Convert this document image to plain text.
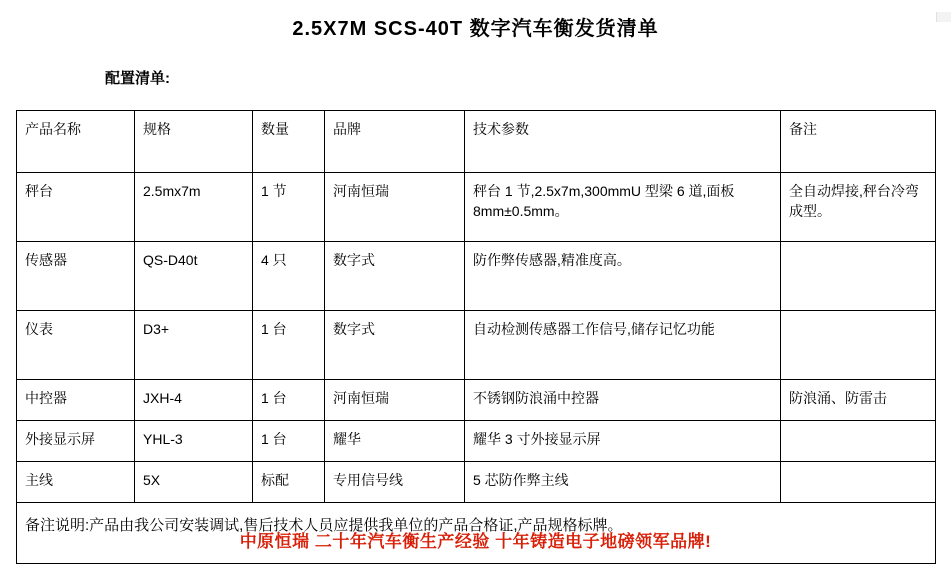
2.5X7M SCS-40T 数字汽车衡发货清单
配置清单:
产品名称	规格	数量	品牌	技术参数	备注
秤台	2.5mx7m	1 节	河南恒瑞	秤台 1 节,2.5x7m,300mmU 型梁 6 道,面板 8mm±0.5mm。	全自动焊接,秤台冷弯成型。
传感器	QS-D40t	4 只	数字式	防作弊传感器,精准度高。	
仪表	D3+	1 台	数字式	自动检测传感器工作信号,储存记忆功能	
中控器	JXH-4	1 台	河南恒瑞	不锈钢防浪涌中控器	防浪涌、防雷击
外接显示屏	YHL-3	1 台	耀华	耀华 3 寸外接显示屏	
主线	5X	标配	专用信号线	5 芯防作弊主线	
备注说明:产品由我公司安装调试,售后技术人员应提供我单位的产品合格证,产品规格标牌。					
中原恒瑞 二十年汽车衡生产经验 十年铸造电子地磅领军品牌!
